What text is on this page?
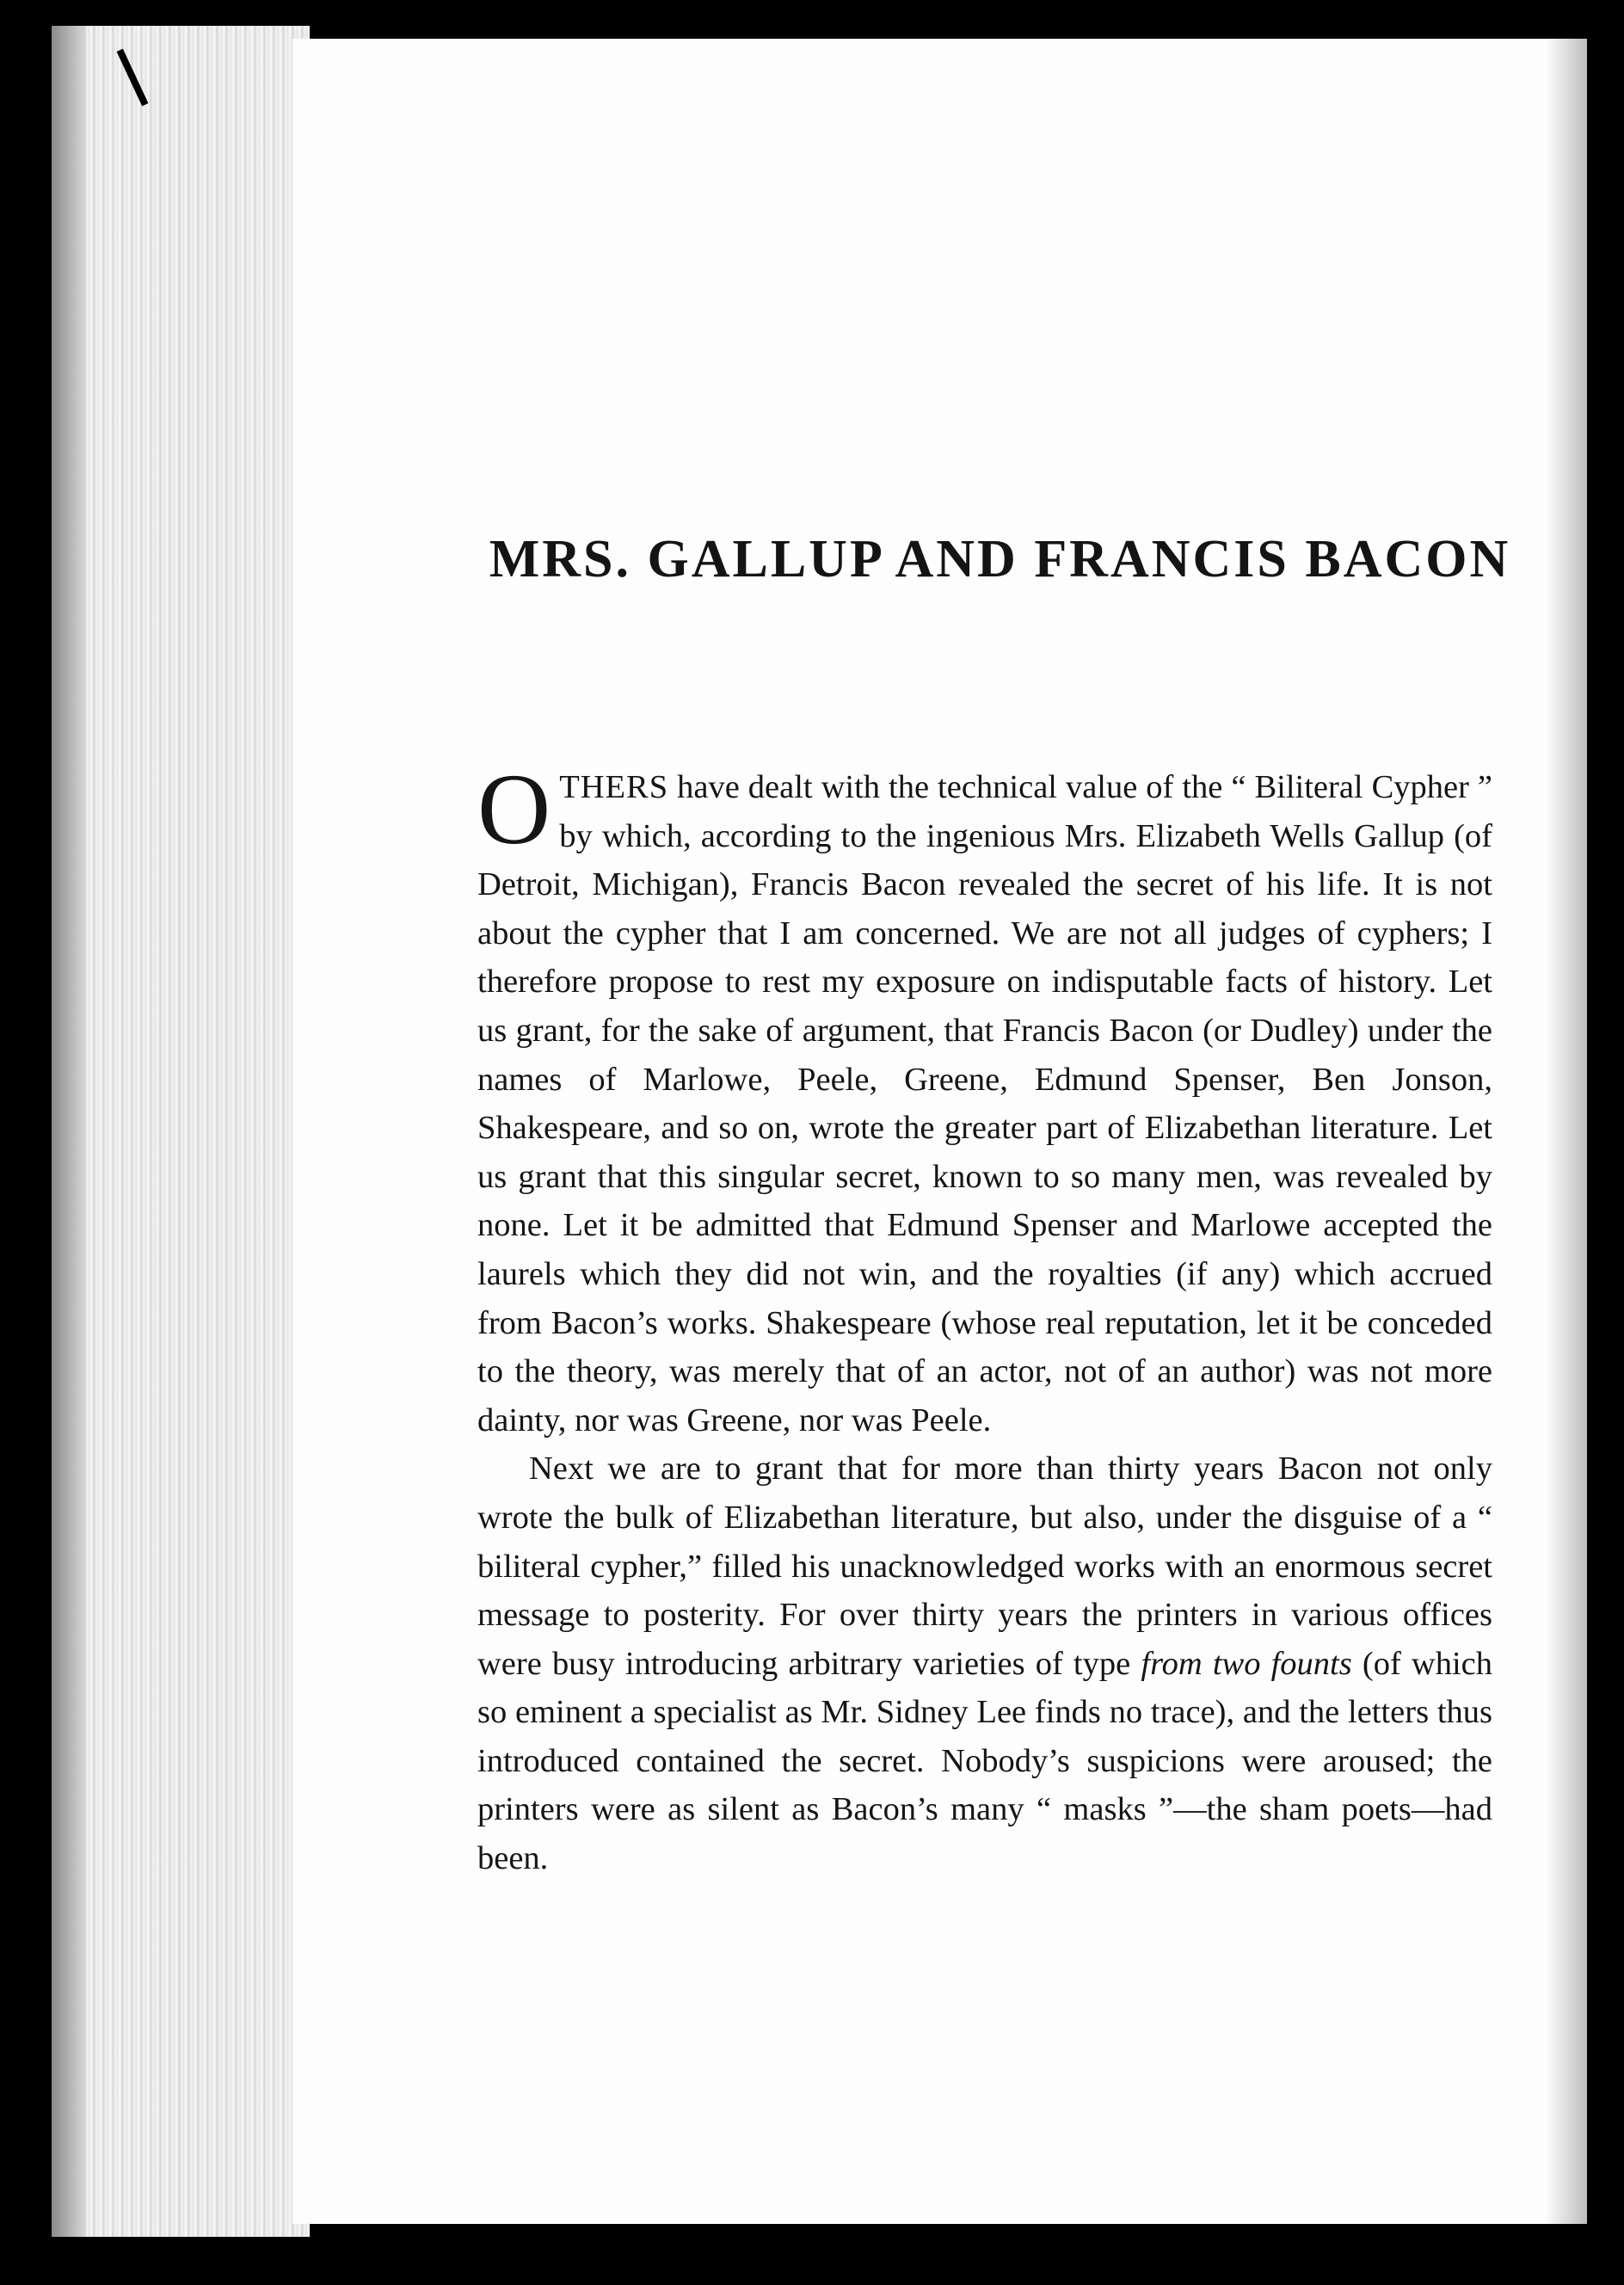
MRS. GALLUP AND FRANCIS BACON

O THERS have dealt with the technical value of the “ Biliteral Cypher ” by which, according to the ingenious Mrs. Elizabeth Wells Gallup (of Detroit, Michigan), Francis Bacon revealed the secret of his life. It is not about the cypher that I am concerned. We are not all judges of cyphers; I therefore propose to rest my exposure on indisputable facts of history. Let us grant, for the sake of argument, that Francis Bacon (or Dudley) under the names of Marlowe, Peele, Greene, Edmund Spenser, Ben Jonson, Shakespeare, and so on, wrote the greater part of Elizabethan literature. Let us grant that this singular secret, known to so many men, was revealed by none. Let it be admitted that Edmund Spenser and Marlowe accepted the laurels which they did not win, and the royalties (if any) which accrued from Bacon’s works. Shakespeare (whose real reputation, let it be conceded to the theory, was merely that of an actor, not of an author) was not more dainty, nor was Greene, nor was Peele.

Next we are to grant that for more than thirty years Bacon not only wrote the bulk of Elizabethan literature, but also, under the disguise of a “ biliteral cypher,” filled his unacknowledged works with an enormous secret message to posterity. For over thirty years the printers in various offices were busy introducing arbitrary varieties of type from two founts (of which so eminent a specialist as Mr. Sidney Lee finds no trace), and the letters thus introduced contained the secret. Nobody’s suspicions were aroused; the printers were as silent as Bacon’s many “ masks ”—the sham poets—had been.
